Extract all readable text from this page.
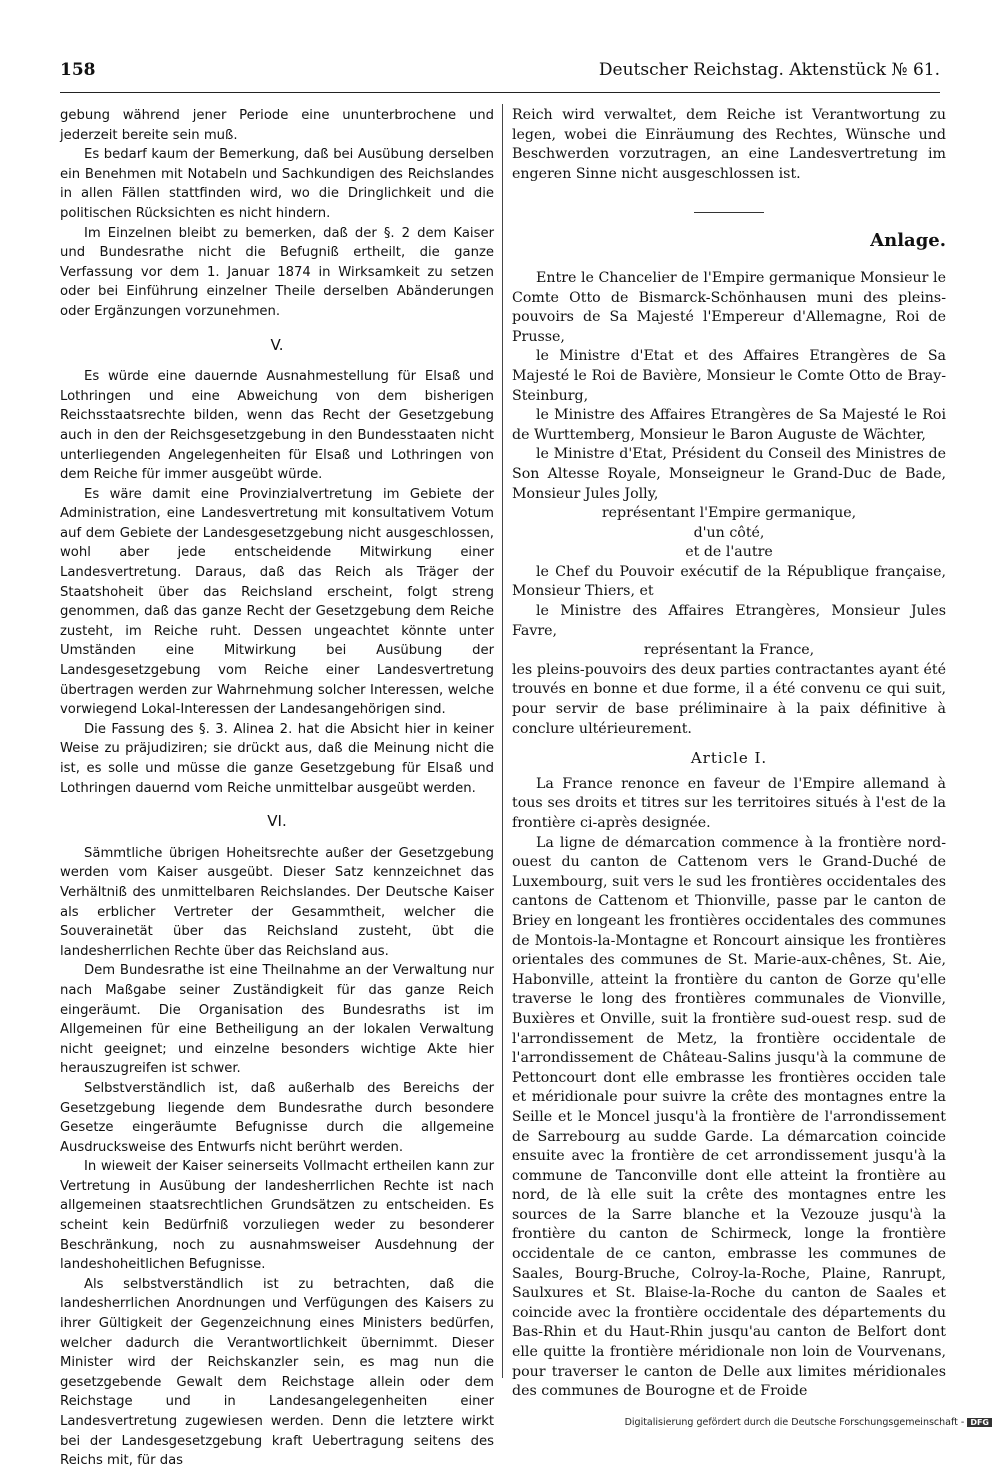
158	Deutscher Reichstag. Aktenstück № 61.

gebung während jener Periode eine ununterbrochene und jederzeit bereite sein muß.

Es bedarf kaum der Bemerkung, daß bei Ausübung derselben ein Benehmen mit Notabeln und Sachkundigen des Reichslandes in allen Fällen stattfinden wird, wo die Dringlichkeit und die politischen Rücksichten es nicht hindern.

Im Einzelnen bleibt zu bemerken, daß der §. 2 dem Kaiser und Bundesrathe nicht die Befugniß ertheilt, die ganze Verfassung vor dem 1. Januar 1874 in Wirksamkeit zu setzen oder bei Einführung einzelner Theile derselben Abänderungen oder Ergänzungen vorzunehmen.

V.

Es würde eine dauernde Ausnahmestellung für Elsaß und Lothringen und eine Abweichung von dem bisherigen Reichsstaatsrechte bilden, wenn das Recht der Gesetzgebung auch in den der Reichsgesetzgebung in den Bundesstaaten nicht unterliegenden Angelegenheiten für Elsaß und Lothringen von dem Reiche für immer ausgeübt würde.

Es wäre damit eine Provinzialvertretung im Gebiete der Administration, eine Landesvertretung mit konsultativem Votum auf dem Gebiete der Landesgesetzgebung nicht ausgeschlossen, wohl aber jede entscheidende Mitwirkung einer Landesvertretung. Daraus, daß das Reich als Träger der Staatshoheit über das Reichsland erscheint, folgt streng genommen, daß das ganze Recht der Gesetzgebung dem Reiche zusteht, im Reiche ruht. Dessen ungeachtet könnte unter Umständen eine Mitwirkung bei Ausübung der Landesgesetzgebung vom Reiche einer Landesvertretung übertragen werden zur Wahrnehmung solcher Interessen, welche vorwiegend Lokal-Interessen der Landesangehörigen sind.

Die Fassung des §. 3. Alinea 2. hat die Absicht hier in keiner Weise zu präjudiziren; sie drückt aus, daß die Meinung nicht die ist, es solle und müsse die ganze Gesetzgebung für Elsaß und Lothringen dauernd vom Reiche unmittelbar ausgeübt werden.

VI.

Sämmtliche übrigen Hoheitsrechte außer der Gesetzgebung werden vom Kaiser ausgeübt. Dieser Satz kennzeichnet das Verhältniß des unmittelbaren Reichslandes. Der Deutsche Kaiser als erblicher Vertreter der Gesammtheit, welcher die Souverainetät über das Reichsland zusteht, übt die landesherrlichen Rechte über das Reichsland aus.

Dem Bundesrathe ist eine Theilnahme an der Verwaltung nur nach Maßgabe seiner Zuständigkeit für das ganze Reich eingeräumt. Die Organisation des Bundesraths ist im Allgemeinen für eine Betheiligung an der lokalen Verwaltung nicht geeignet; und einzelne besonders wichtige Akte hier herauszugreifen ist schwer.

Selbstverständlich ist, daß außerhalb des Bereichs der Gesetzgebung liegende dem Bundesrathe durch besondere Gesetze eingeräumte Befugnisse durch die allgemeine Ausdrucksweise des Entwurfs nicht berührt werden.

In wieweit der Kaiser seinerseits Vollmacht ertheilen kann zur Vertretung in Ausübung der landesherrlichen Rechte ist nach allgemeinen staatsrechtlichen Grundsätzen zu entscheiden. Es scheint kein Bedürfniß vorzuliegen weder zu besonderer Beschränkung, noch zu ausnahmsweiser Ausdehnung der landeshoheitlichen Befugnisse.

Als selbstverständlich ist zu betrachten, daß die landesherrlichen Anordnungen und Verfügungen des Kaisers zu ihrer Gültigkeit der Gegenzeichnung eines Ministers bedürfen, welcher dadurch die Verantwortlichkeit übernimmt. Dieser Minister wird der Reichskanzler sein, es mag nun die gesetzgebende Gewalt dem Reichstage allein oder dem Reichstage und in Landesangelegenheiten einer Landesvertretung zugewiesen werden. Denn die letztere wirkt bei der Landesgesetzgebung kraft Uebertragung seitens des Reichs mit, für das

Reich wird verwaltet, dem Reiche ist Verantwortung zu legen, wobei die Einräumung des Rechtes, Wünsche und Beschwerden vorzutragen, an eine Landesvertretung im engeren Sinne nicht ausgeschlossen ist.

Anlage.

Entre le Chancelier de l'Empire germanique Monsieur le Comte Otto de Bismarck-Schönhausen muni des pleins-pouvoirs de Sa Majesté l'Empereur d'Allemagne, Roi de Prusse,

le Ministre d'Etat et des Affaires Etrangères de Sa Majesté le Roi de Bavière, Monsieur le Comte Otto de Bray-Steinburg,

le Ministre des Affaires Etrangères de Sa Majesté le Roi de Wurttemberg, Monsieur le Baron Auguste de Wächter,

le Ministre d'Etat, Président du Conseil des Ministres de Son Altesse Royale, Monseigneur le Grand-Duc de Bade, Monsieur Jules Jolly,

représentant l'Empire germanique,

d'un côté,

et de l'autre

le Chef du Pouvoir exécutif de la République française, Monsieur Thiers, et

le Ministre des Affaires Etrangères, Monsieur Jules Favre,

représentant la France,

les pleins-pouvoirs des deux parties contractantes ayant été trouvés en bonne et due forme, il a été convenu ce qui suit, pour servir de base préliminaire à la paix définitive à conclure ultérieurement.

Article I.

La France renonce en faveur de l'Empire allemand à tous ses droits et titres sur les territoires situés à l'est de la frontière ci-après designée.

La ligne de démarcation commence à la frontière nord-ouest du canton de Cattenom vers le Grand-Duché de Luxembourg, suit vers le sud les frontières occidentales des cantons de Cattenom et Thionville, passe par le canton de Briey en longeant les frontières occidentales des communes de Montois-la-Montagne et Roncourt ainsique les frontières orientales des communes de St. Marie-aux-chênes, St. Aie, Habonville, atteint la frontière du canton de Gorze qu'elle traverse le long des frontières communales de Vionville, Buxières et Onville, suit la frontière sud-ouest resp. sud de l'arrondissement de Metz, la frontière occidentale de l'arrondissement de Château-Salins jusqu'à la commune de Pettoncourt dont elle embrasse les frontières occiden tale et méridionale pour suivre la crête des montagnes entre la Seille et le Moncel jusqu'à la frontière de l'arrondissement de Sarrebourg au sudde Garde. La démarcation coincide ensuite avec la frontière de cet arrondissement jusqu'à la commune de Tanconville dont elle atteint la frontière au nord, de là elle suit la crête des montagnes entre les sources de la Sarre blanche et la Vezouze jusqu'à la frontière du canton de Schirmeck, longe la frontière occidentale de ce canton, embrasse les communes de Saales, Bourg-Bruche, Colroy-la-Roche, Plaine, Ranrupt, Saulxures et St. Blaise-la-Roche du canton de Saales et coincide avec la frontière occidentale des départements du Bas-Rhin et du Haut-Rhin jusqu'au canton de Belfort dont elle quitte la frontière méridionale non loin de Vourvenans, pour traverser le canton de Delle aux limites méridionales des communes de Bourogne et de Froide

Digitalisierung gefördert durch die Deutsche Forschungsgemeinschaft - DFG
